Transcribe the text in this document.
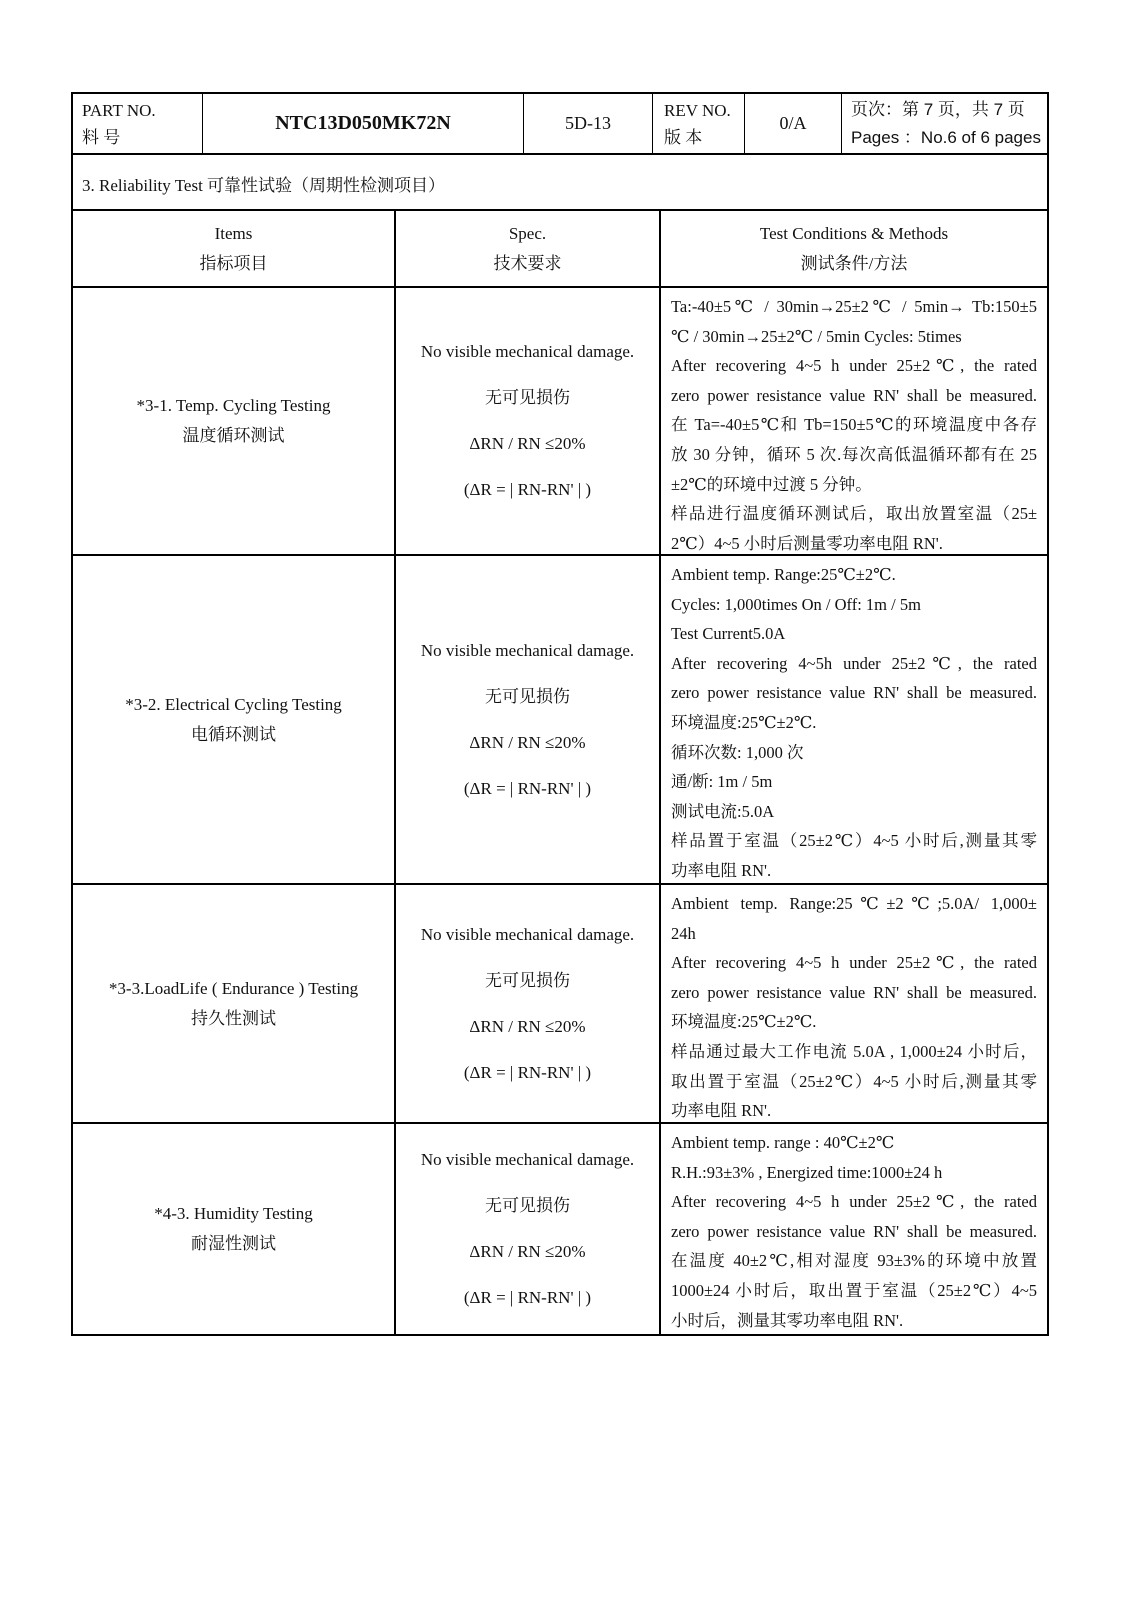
PART NO.
料 号
NTC13D050MK72N	5D-13
REV NO.
版 本
0/A
页次：第 7 页，共 7 页
Pages ：No.6 of 6 pages
3. Reliability Test 可靠性试验（周期性检测项目）
Items
指标项目
Spec.
技术要求
Test Conditions & Methods
测试条件/方法
*3-1. Temp. Cycling Testing
温度循环测试
No visible mechanical damage.
无可见损伤
ΔRN / RN ≤20%
(ΔR = | RN-RN' | )
Ta:-40±5℃ / 30min→25±2℃ / 5min→ Tb:150±5
℃ / 30min→25±2℃ / 5min Cycles: 5times
After recovering 4~5 h under 25±2℃, the rated
zero power resistance value RN' shall be measured.
在 Ta=-40±5℃和 Tb=150±5℃的环境温度中各存
放 30 分钟，循环 5 次.每次高低温循环都有在 25
±2℃的环境中过渡 5 分钟。
样品进行温度循环测试后，取出放置室温（25±
2℃）4~5 小时后测量零功率电阻 RN'.
*3-2. Electrical Cycling Testing
电循环测试
No visible mechanical damage.
无可见损伤
ΔRN / RN ≤20%
(ΔR = | RN-RN' | )
Ambient temp. Range:25℃±2℃.
Cycles: 1,000times On / Off: 1m / 5m
Test Current5.0A
After recovering 4~5h under 25±2℃, the rated
zero power resistance value RN' shall be measured.
环境温度:25℃±2℃.
循环次数: 1,000 次
通/断: 1m / 5m
测试电流:5.0A
样品置于室温（25±2℃）4~5 小时后,测量其零
功率电阻 RN'.
*3-3.LoadLife ( Endurance ) Testing
持久性测试
No visible mechanical damage.
无可见损伤
ΔRN / RN ≤20%
(ΔR = | RN-RN' | )
Ambient temp. Range:25℃±2℃;5.0A/ 1,000±
24h
After recovering 4~5 h under 25±2℃, the rated
zero power resistance value RN' shall be measured.
环境温度:25℃±2℃.
样品通过最大工作电流 5.0A , 1,000±24 小时后，
取出置于室温（25±2℃）4~5 小时后,测量其零
功率电阻 RN'.
*4-3. Humidity Testing
耐湿性测试
No visible mechanical damage.
无可见损伤
ΔRN / RN ≤20%
(ΔR = | RN-RN' | )
Ambient temp. range : 40℃±2℃
R.H.:93±3% , Energized time:1000±24 h
After recovering 4~5 h under 25±2℃, the rated
zero power resistance value RN' shall be measured.
在温度 40±2℃,相对湿度 93±3%的环境中放置
1000±24 小时后，取出置于室温（25±2℃）4~5
小时后，测量其零功率电阻 RN'.
